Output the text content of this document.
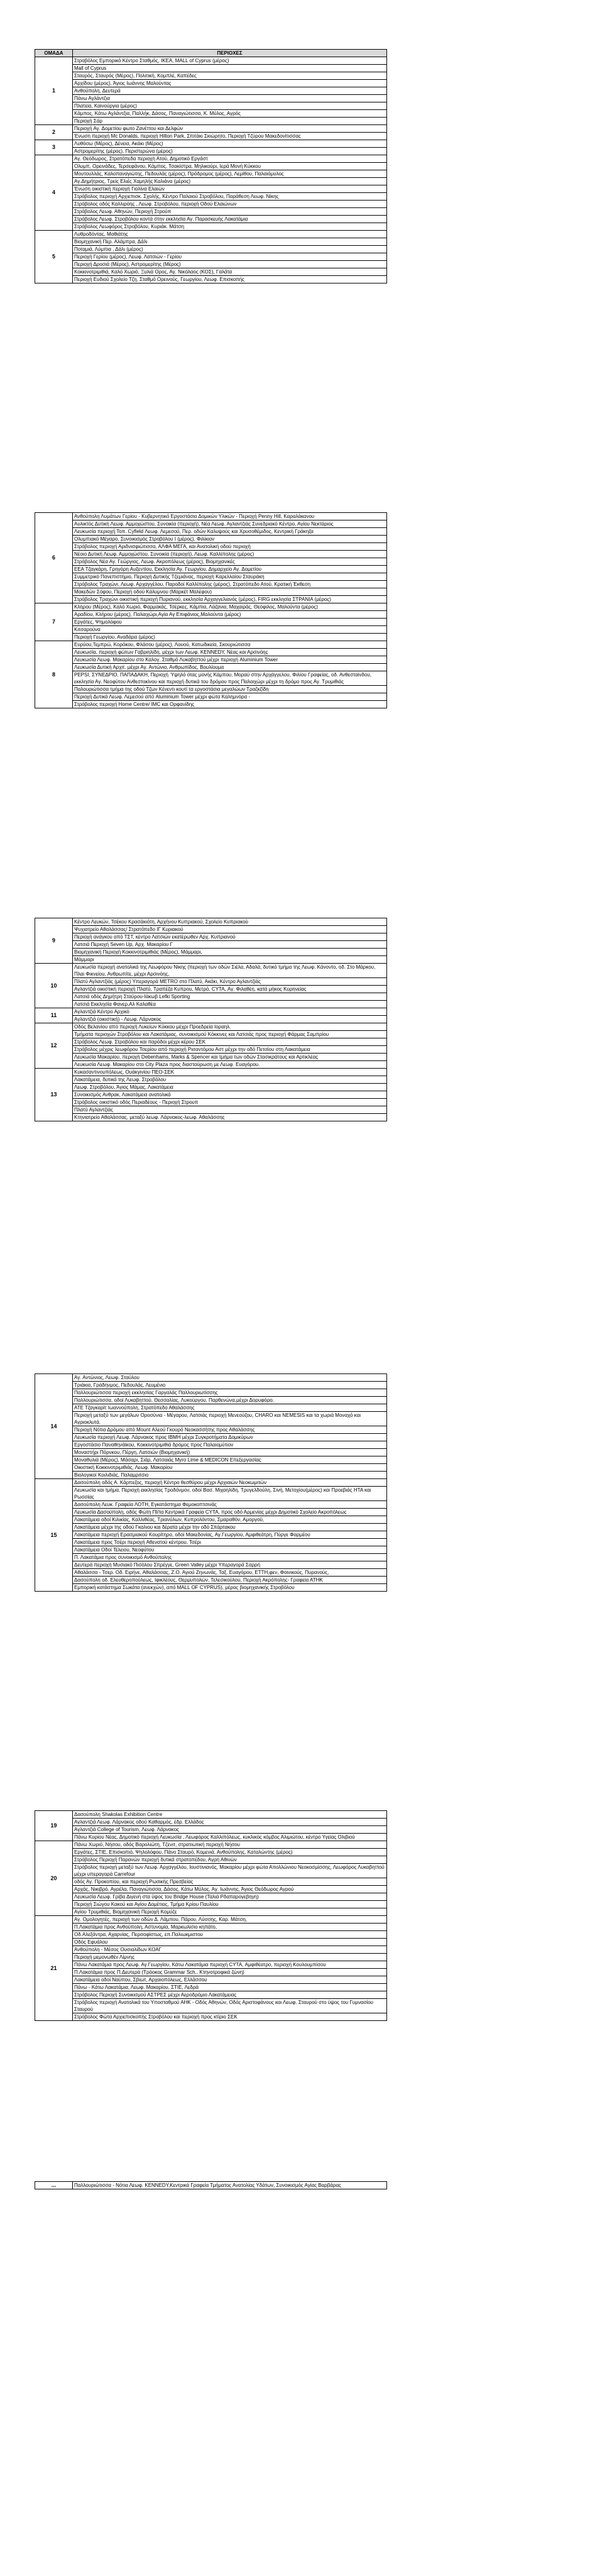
ΟΜΑΔΑ	ΠΕΡΙΟΧΕΣ
1	Στροβόλος Εμπορικό Κέντρο Σταθμός, ΙΚΕΑ, MALL of Cyprus (μέρος)
	Mall of Cyprus
	Σταυρός, Σταυρός (Μέρος), Πολιτική, Κομπλέ, Καπέδες
	Αρχίδου (μέρος), Άγιος Ιωάννης Μαλούντας
	Ανθούπολη, Δευτερά
	Πάνω Αγλάντζια
	Πλατεία, Καινούργια (μέρος)
	Κάμπος, Κάτω Αγλάντζια, Παλλήκ, Δάσος, Παναγιώτισσα, Κ. Μύλος, Αγρός
	Περιοχή Σάρ
2	Περιοχή Αγ. Δομετίου φωτο Ζανέττου και Δελφών
	Ένωση περιοχή Mc Donalds, περιοχή Hilton Park, Σπιτάκι Σκιώρητο, Περιοχή Τζύρου Μακεδονίτισσας
3	Λυθόσω (Μέρος), Δένεια, Ακάκι (Μέρος)
	Αστρομερίτης (μέρος), Περιστερώνα (μέρος)
4	Αγ. Θεόδωρος, Στρατόπεδα περιοχή Ατού, Δημοτικό Εργάστ
	Ολυμπ, Ορεινάδες, Τερσεφάνου, Κάμπος, Τσακίστρα, Μηλικούρι, Ιερά Μονή Κύκκου
	Μουτουλλάς, Καλοπαναγιώτης, Πεδουλάς (μέρος), Πρόδρομος (μέρος), Λεμίθου, Παλαιόμυλος
	Αγ.Δημήτριος, Τρείς Ελιές Χαμηλής Καλιάνα (μέρος)
	Ένωση οικιστική περιοχή Γιολίνα Ελαιών
	Στρόβολος περιοχή Αρχιεπισκ. Σχολής, Κέντρο Παλαιού Στροβόλου, Παράθεση Λεωφ. Νίκης
	Στρόβολος οδός Καλλιρόης , Λεωφ. Στροβόλου, περιοχή Οδού Ελαιώνων
	Στρόβολος Λεωφ. Αθηνών, Περιοχή Στρούπ
	Στρόβολος Λεωφ. Στροβόλου κοντά στην εκκλησία Αγ. Παρασκευής Λακατάμια
	Στρόβολος Λεωφόρος Στροβόλου, Κυριάκ. Μάτση
5	Λυθροδόντας, Μαθιάτης
	Βιομηχανική Περ. Αλάμπρα, Δάλι
	Ποταμιά, Λύμπια , Δάλι (μέρος)
	Περιοχή Γερίου (μέρος), Λεωφ. Λατσιών - Γερίου
	Περιοχή Δροσιά (Μέρος), Αστρομερίτης (Μέρος)
	Κοκκινοτριμιθιά, Καλό Χωριό, Ξυλιά Ορος, Αγ. Νικόλαος (ΚΟΣ), Γαλάτα
	Περιοχή Ευδιού Σχολείο Τζη, Σταθμό Ορεινούς, Γεωργίου, Λεωφ. Επισκοπής
6	Ανθούπολη Λυμάτων Γερίου - Κυβερνητικό Εργοστάσιο Δομικών Υλικών - Περιοχή Penny Hill, Καραλάκανου
	Αυλικτός Δυτική Λεωφ. Αμμοχώστου, Συνοικία (περιοχή), Νέα Λεωφ. Αγλαντζιάς Συνεδριακό Κέντρο, Αγίου Νεκτάριος
	Λευκωσία περιοχή Τοπ. Cyfield Λεωφ. Λεμεσού, Περ. οδών Καλυψούς και Χρυσοθέμιδος, Κεντρική Γράκηζα
	Ολυμπιακό Μέγαρο, Συνοικισμός Στροβόλου Ι (μέρος), Φιλίκιον
	Στρόβολος περιοχή Αριδνισφιώτισσα, ΑΛΦΑ ΜΕΓΑ, και Ανατολική οδού περιοχή
	Νέοιο Δυτική Λεωφ. Αμμοχώστου, Συνοικία (περιοχή), Λεωφ. Καλλίπολης (μέρος)
	Στρόβολος Νέα Αγ. Γεώργιος, Λεωφ. Ακροπόλεως (μέρος), Βιομηχανικές
	ΕΕΑ Τζαγκάρη, Γρηγόρη Αυξεντίου, Εκκλησία Αγ. Γεωργίου, Δημαρχείο Αγ. Δομετίου
	Συμμετρικό Πανεπιστήμιο, Περιοχή Δυτικής Τζεμιάνας, περιοχή Καρελλαίου Σταυράκη
	Στρόβολος Τραχώνι, Λεωφ. Αρχαγγέλου, Παροδοί Καλλίπολης (μέρος), Στρατόπεδο Ατού, Κρατική Έκθεση
	Μακεδών Σόφου, Περιοχή οδού Κάλυμνου (Μαρκέτ Μαλέφου)
	Στρόβολος Τραχώνι οικιστική περιοχή Πυριανού, εκκλησία Αρχαγγελιανός (μέρος), FIRG εκκλησία ΣΤΡΑΝΙΑ (μέρος)
7	Κλήρου (Μέρος), Καλό Χωριό, Φαρμακάς, Τσέρκες, Κάμπια, Λάζανια, Μαχαιράς, Θεόφιλος, Μαλούντα (μέρος)
	Αραδίου, Κλήρου (μέρος), Παλαιχώρι,Αγία Αγ Επιφάνιος,Μαλούντα (μέρος)
	Εργάτες, Ψημολόφου
	Κιτσαρούνα
	Περιοχή Γεωργίου, Αναδάρα (μέρος)
8	Ευρύου,Τεμπρώ, Κορόκου, Φλάσου (μέρος), Λουού, Κατωδικεία, Σκουριώτισσα
	Λευκωσία, περιοχή φώτων Γαβριηλίδη, μέχρι των Λεωφ. KENNEDY, Νέας και Αρσινόης
	Λευκωσία Λεωφ. Μακαρίου στο Καλογ. Σταθμό Λυκαβηττού μέχρι περιοχή Aluminium Tower
	Λευκωσία Δυτική Αρχιτ. μέχρι Αγ. Αντώνιο, Ανθρωπίδος, Βουλίουμα
	PEPSI, ΣΥΝΕΔΡΙΟ, ΠΑΠΑΔΑΚΗ, Περιοχή Ύψηλό ότας μονής Κάμπου, Μοραύ στην Αρχάγγελου, Φιλίου Γραφείας, οδ. Ανθεσταίνδου, εκκλησία Αγ. Νεοφύτου Ανθεστοκίνου και περιοχή δυτικά του δρόμου προς Παλαιχώρι μέχρι τη δρόμο προς Αγ. Τρυμιθιάς
	Παλουριώτισσα τμήμα της οδού Τζων Κένεντι κουτί τα εργοστάσια μεγαλώων Τραζκζίδη
	Περιοχή Δυτικά Λεωφ. Λεμεσού από Aluminium Tower μέχρι φώτα Καλημνόρα -
	Στρόβολος περιοχή Home Centre/ IMC και Ορφανίδης
9	Κέντρο Λευκών, Τσέκου Κρασάκιότη, Αρχήνου Κυπριακού, Σχολείο Κυπριακού
	Ψυχιατρείο Αθαλάσσας/ Στρατόπεδο ΙΓ Κυριακού
	Περιοχή ανάγκου από ΤΣΤ, κέντρο Λατσιών εκατέρωθεν Αρχ. Κυπριανού
	Λατσιά Περιοχή Seven Up, Αρχ. Μακαρίου Γ
	Βιομηχανική Περιοχή Κοκκινοτριμιθιάς (Μέρος), Μάμμαρι,
	Μάμμαρι
10	Λευκωσία περιοχή ανατολικά της Λεωφόρου Νίκης (περιοχή των οδών Σιέλα, Αδαλά, δυτικό τμήμα της Λεωφ. Κάνοντο, οδ. Στο Μάρκου, Πλαι Φικνείου, Ανθρωπίτε, μέχρι Αρσινόης,
	Πλατύ Αγλαντζιάς (μέρος) Υπεραγορά METRO στο Πλατύ, Ακάκι, Κέντρο Αγλαντζιάς
	Αγλαντζιά οικιστική περιοχή Πλατύ, Τραπέζα Κυπρου, Μετρό, CYTA, Αγ. Φιλαθέη, κατά μήκος Κυρηνείας
	Λατσιά οδός Δημήτρη Σταύρου-Ιάκωβ Lefki Sporting
	Λατσιά Εκκλησία Φανερ,Αλ Καλαθέα
11	Αγλαντζιά Κέντρο Αρχικό
	Αγλαντζιά (οικιστική) - Λεωφ. Λάρνακος
12	Οδός Βελανίου από περιοχή Λυκείων Κύκκου μέχρι Προεδρεία Ιοραηλ.
	Τμήματα περιοχών Στροβόλου και Λακατάμιας, συνοικισμού Κόκκινες και Λατσιάς προς περιοχή Φάρμας Σαμπρίου
	Στρόβολος Λεωφ. Στροβόλου και παρόδοι μέχρι κέρου ΣΕΚ
	Στρόβολος μέχρις λεωφόρου Τσερίου από περιοχή Ρισαντόμου Αστ μέχρι την οδό Πετσίου στη Λακατάμεια
	Λευκωσία Μακαρίου, περιοχή Debenhams, Marks & Spencer και τμήμα των οδών Στασικράτους και Αρτικλέας
	Λευκωσία Λεωφ. Μακαρίου στο City Plaza προς διασταύρωση με Λεωφ. Ευαγόρου.
13	Κυκασαντινουπόλεως, Ουάκγινίου ΠΕΟ-ΣΕΚ
	Λακατάμεια, δυτικά της Λεωφ. Στροβόλου
	Λεωφ. Στροβόλου, Άγιος Μάμας, Λακατάμεια
	Συνοικισμός Ανθρακ, Λακατάμεια ανατολικά
	Στρόβολος οικιστικό οδός Περιαδέους - Περιοχή Στρουπ
	Πλατύ Αγλαντζιάς
	Κτηνιατρείο Αθαλάσσας, μεταξύ λεωφ. Λάρνακος-λεωφ. Αθαλάσσης
14	Αγ. Αντώνιος, Λεωφ. Σταύλου
	Τριάκια, Γράδηνμος, Πεδουλάς, Λευμένιο
	Παλλουριώτισσα περιοχή εκκλησίας Γαργαλάς Παλλουριωτίσσης
	Παλλουριώτισσα, οδοί Λυκαβηττού, Θεσσαλίας, Λυκούργου, Παρθενώνα,μέχρι Δορυφόρο.
	ΑΤΕ Τζαγκαρίτ Ιωαννούπολη, Στρατόπεδο Αθαλάσσης
	Περιοχή μεταξύ των μεγάλων Οροσύνια - Μέγαρου, Λατσιάς περιοχή Μενεούζου, CHARO και NEMESIS και τα χωριά Μοναχό και Αγριοκλυτά.
	Περιοχή Νότια Δρόμου από Mount Αλεού Γκουρό Νεοκασσήτης προς Αθαλάσσης
	Λευκωσία περιοχή Λεωφ. Λάρνακος προς ΙΒΜΗ μέχρι Συγκροτήματα Δομικύρων
	Εργοστάσιο Παναθηνάϊκου, Κοκκινοτριμιθιά δρόμος προς Παλαιομύτιον
	Μοναστήρι Πόρνκου, Πέργη, Λατσιών (Βιομηχανική)
	Μοναθυλιά (Μέρος), Μάσαρι, Σιάρ, Λατσαιάς Myro Lime & MEDICON Επεξεργασίας
	Οικιστική Κοκκινοτριμιθιάς, Λεωφ. Μακαρίου
	Βιολογικοί Κοιλιδιάς, Παλαμριτσιο
15	Δασούπολη οδός Α. Κάρπεζος, περιοχή Κέντρο θεσθύρου μέχρι Αρχιαιών Νεοκωμιτών
	Λευκωσία και τμήμα, Περιοχή εκκλησίας Τροδόνμον, οδοί Βασ. Μιχαηλίδη, Τρυγελδούλη, Σινή, Μετοχίου(μέρος) και Προεβιάς ΗΤΑ και Ρωσσίας
	Δασούπολη Λευκ. Γραφεία ΛΟΤΗ, Εγκατάστημα Φεμοκοπτσινάς
	Λευκωσία Δασούπολη, οδός Φώτη ΠΙ/τα Κεντρικά Γραφεία CYTA, προς οδό Αρμενίας μέχρι Δημοτικό Σχολείο Ακροπόλεως
	Λακατάμεια οδοί Κιλικίας, Καλλιθέας, Τριανύλων, Κυπρολόντου, Σμαραθόν, Αμοργού,
	Λακατάμεια μέχρι της οδού Γκαλιου και δέρατα μέχρι την οδό Σπάρτακου
	Λακατάμεια περιοχή Ερασμιακού Κουρίτηρο, οδοί Μακεδονίας, Αγ.Γεωργίου, Αμφιθεάτρη, Πύργε Φαρμέου
	Λακατάμεια προς Τσέρι περιοχή Αθενατού κέντρου, Τσέρι
	Λακατάμεια Οδοί Τέλειου, Νεοφύτου
	Π. Λακατάμια προς συνοικισμό Ανθούπολης
	Δευτερά περιοχή Μυσιακό Πισόλου Σπρέγγε, Green Valley μέχρι Υπεραγορά Σαρρή
	Αθαλάσσα - Τσερ. Οδ. Ειρήνε, Αθαλάσσας, Ζ.Ο. Αγιού Ζηνωνάς, Ταξ. Ευαγόρου, ΕΤΤΗ,φεν, Φοινικούς, Πυρανούς,
	Δασούπολη οδ. Ελευθεροπούλεως, Ιφικλέους, Θερμυπολών, Τελεσικούλου, Περιοχή Ακρόπολης- Γραφεία ΑΤΗΚ
	Εμπορική κατάστημα Σωκάτα (ανεκχών), από MALL OF CYPRUS), μέρος βιομηχανικής Στροβόλου
19	Δασούπολη Shakolas Exhibition Centre
	Αγλαντζιά Λεωφ. Λάρνακος οδού Καθαρμός, έδρ. Ελλάδος
	Αγλαντζιά College of Tourism, Λεωφ. Λάρνακος
	Πάνω Κυρίου Νέας, Δημοτικό περιοχή Λευκωσία , Λεωφόρος Καλλιπόλεως, κυκλικός κόμβος Αλιμιώτου, κέντρο Υγείας Ολιβιού
20	Πάνω Χωριό, Νήσου, οδός Βαρολιώτη, Τζενιτ, στρατιωτική περιοχή Νήσου
	Εργάτες, ΣΤΙΕ, Επισκοπιό, Ψηλολόφου, Πάνο Σταυρό, Κομενιά, Ανθούπολης, Καταλώντης (μέρος)
	Στρόβολος Περιοχή Παρανών περιοχή δυτικά στρατοπέδου, Αγρή Αθινών
	Στρόβολος περιοχή μεταξύ των Λεωφ. Αρχαγγέλου, Ιουστινιανός, Μακαρίου μέχρι φώτα Απολλώνιου Νεοκοσμίσσης, Λεωφόρος Λυκαβηττού μέχρι υπεραγορά Carrefour
	οδός Αγ. Προκοπίου, και περιοχή Ρωσικής Πρεσβείας
	Αρχάς, Νικιβρό, Αγρέλα, Παναγιώτισσα, Δάσος, Κάτω Μύλος, Αγ. Ιωάννης, Άγιος Θεόδωρος Αγρού
	Λευκωσία Λεωφ. Γρίβα Διγενή στα ύψος του Bridge House (Ταλιά Ρδαπαρογεβηγη)
	Περιοχή Σιώγου Κακού και Αγίου Δομέτιος, Τμήμα Κρίου Παυλίου
	Αγίου Τρυμιθιάς, Βιομηχανική Περιοχή Κομύζε
21	Αγ. Ομολογητές, περιοχή των οδών Δ. Λάμπου, Πάρου, Λύσσης, Καρ. Μάτση,
	Π.Λακατάμια προς Ανθούπολη, Αστυνομία, Μαρκωλίσιο κηπάτο,
	Οδ.Αλεξάντρα, Αχαρνίας, Περσοφίστως, επ.Παλιωκμιστου
	Οδός Εφυάλου
	Ανθούπολη - Μέσος Ουσιαλίδων ΚΟΑΓ
	Περιοχή μεμονωθέν Λίμνης
	Πάνω Λακατάμια προς Λεωφ. Αγ.Γεωργίου, Κάτω Λακατάμια περιοχή CYTA, Αμφιθέατρο, περιοχή Κουλουμπίσου
	Π.Λακατάμια προς Π.Δευτερά (Τρόοκος Grammar Sch., Κτηνοτροφικά ζώνη)
	Λακατάμεια οδοί Ναύπου, Σβιωτ, Αρχαιοπόλεως, Ελλάσσου
	Πάνω - Κάτω Λακατάμια, Λεωφ. Μακαρίου, ΣΤΙΕ, Λεδρά
	Στρόβολος Περιοχή Συνοικισμού ΑΣΤΡΕΣ μέχρι Αεροδρόμιο Λακατάμειας
	Στρόβολος περιοχή Ανατολικά του Υποσταθμού ΑΗΚ - Οδός Αθηνών, Οδός Αριστοφάνους και Λεωφ. Σταυρού στο ύψος του Γυμνασίου Σταυρού
	Στρόβολος Φώτα Αρχιεπισκοπής Στροβόλου και περιοχή προς κτίριο ΣΕΚ
...	Παλλουριώτισσα - Νότια Λεωφ. KENNEDY,Κεντρικά Γραφεία Τμήματος Ανατολίας Υδάτων, Συνοικισμός Αγίας Βαρβάρας
